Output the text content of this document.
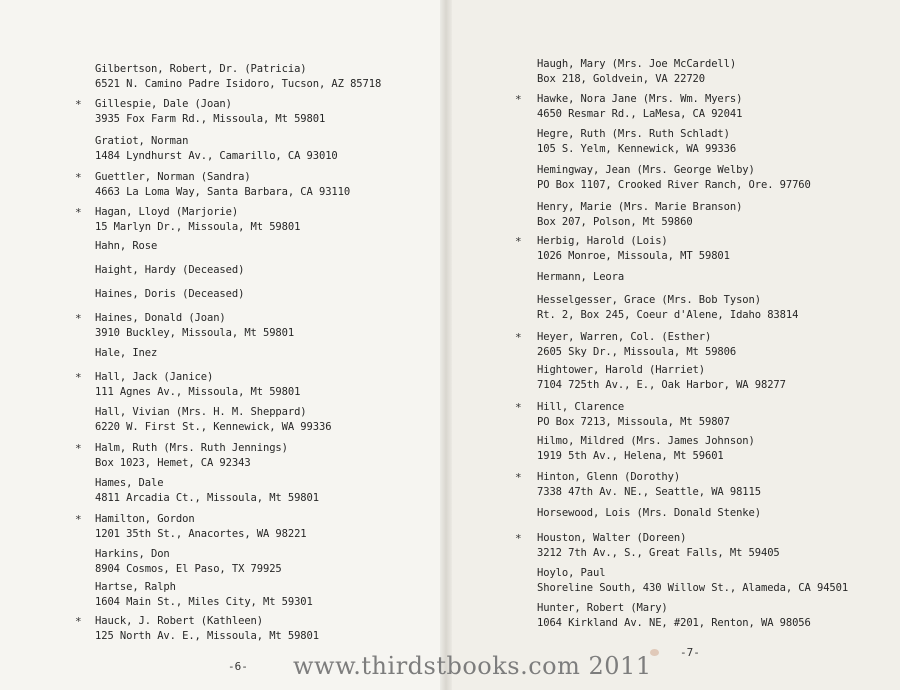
Gilbertson, Robert, Dr. (Patricia)
6521 N. Camino Padre Isidoro, Tucson, AZ 85718
* Gillespie, Dale (Joan)
3935 Fox Farm Rd., Missoula, Mt 59801
Gratiot, Norman
1484 Lyndhurst Av., Camarillo, CA 93010
* Guettler, Norman (Sandra)
4663 La Loma Way, Santa Barbara, CA 93110
* Hagan, Lloyd (Marjorie)
15 Marlyn Dr., Missoula, Mt 59801
Hahn, Rose
Haight, Hardy (Deceased)
Haines, Doris (Deceased)
* Haines, Donald (Joan)
3910 Buckley, Missoula, Mt 59801
Hale, Inez
* Hall, Jack (Janice)
111 Agnes Av., Missoula, Mt 59801
Hall, Vivian (Mrs. H. M. Sheppard)
6220 W. First St., Kennewick, WA 99336
* Halm, Ruth (Mrs. Ruth Jennings)
Box 1023, Hemet, CA 92343
Hames, Dale
4811 Arcadia Ct., Missoula, Mt 59801
* Hamilton, Gordon
1201 35th St., Anacortes, WA 98221
Harkins, Don
8904 Cosmos, El Paso, TX 79925
Hartse, Ralph
1604 Main St., Miles City, Mt 59301
* Hauck, J. Robert (Kathleen)
125 North Av. E., Missoula, Mt 59801
Haugh, Mary (Mrs. Joe McCardell)
Box 218, Goldvein, VA 22720
* Hawke, Nora Jane (Mrs. Wm. Myers)
4650 Resmar Rd., LaMesa, CA 92041
Hegre, Ruth (Mrs. Ruth Schladt)
105 S. Yelm, Kennewick, WA 99336
Hemingway, Jean (Mrs. George Welby)
PO Box 1107, Crooked River Ranch, Ore. 97760
Henry, Marie (Mrs. Marie Branson)
Box 207, Polson, Mt 59860
* Herbig, Harold (Lois)
1026 Monroe, Missoula, MT 59801
Hermann, Leora
Hesselgesser, Grace (Mrs. Bob Tyson)
Rt. 2, Box 245, Coeur d'Alene, Idaho 83814
* Heyer, Warren, Col. (Esther)
2605 Sky Dr., Missoula, Mt 59806
Hightower, Harold (Harriet)
7104 725th Av., E., Oak Harbor, WA 98277
* Hill, Clarence
PO Box 7213, Missoula, Mt 59807
Hilmo, Mildred (Mrs. James Johnson)
1919 5th Av., Helena, Mt 59601
* Hinton, Glenn (Dorothy)
7338 47th Av. NE., Seattle, WA 98115
Horsewood, Lois (Mrs. Donald Stenke)
* Houston, Walter (Doreen)
3212 7th Av., S., Great Falls, Mt 59405
Hoylo, Paul
Shoreline South, 430 Willow St., Alameda, CA 94501
Hunter, Robert (Mary)
1064 Kirkland Av. NE, #201, Renton, WA 98056
-6-
-7-
www.thirdstbooks.com 2011
